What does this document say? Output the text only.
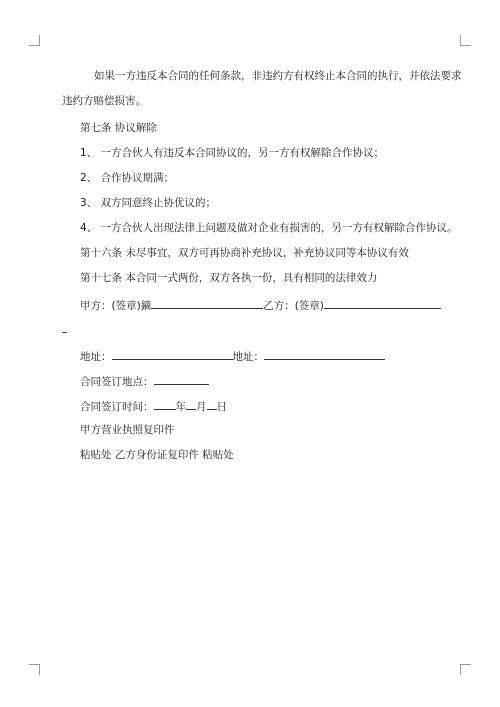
如果一方违反本合同的任何条款，非违约方有权终止本合同的执行，并依法要求
违约方赔偿损害。
第七条 协议解除
1、 一方合伙人有违反本合同协议的，另一方有权解除合作协议；
2、 合作协议期满；
3、 双方同意终止协优议的；
4、 一方合伙人出现法律上问题及做对企业有损害的，另一方有权解除合作协议。
第十六条 未尽事宜，双方可再协商补充协议，补充协议同等本协议有效
第十七条 本合同一式两份，双方各执一份，具有相同的法律效力
甲方：(签章)鏑	乙方：(签章)
地址：	地址：
合同签订地点：
合同签订时间： 年 月 日
甲方营业执照复印件
粘贴处 乙方身份证复印件 粘贴处
